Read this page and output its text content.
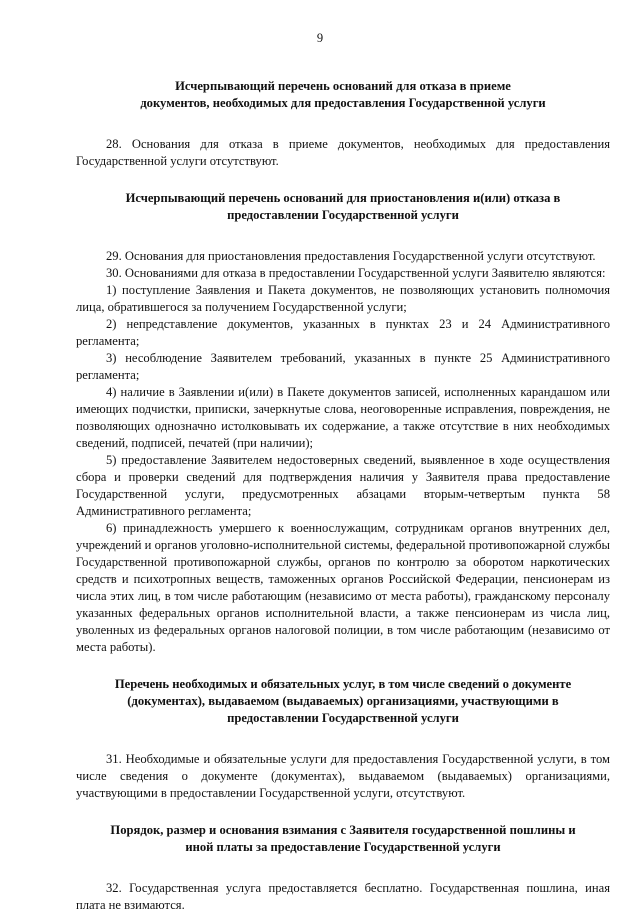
9
Исчерпывающий перечень оснований для отказа в приеме
документов, необходимых для предоставления Государственной услуги

28. Основания для отказа в приеме документов, необходимых для предоставления Государственной услуги отсутствуют.

Исчерпывающий перечень оснований для приостановления и(или) отказа в
предоставлении Государственной услуги

29. Основания для приостановления предоставления Государственной услуги отсутствуют.

30. Основаниями для отказа в предоставлении Государственной услуги Заявителю являются:

1) поступление Заявления и Пакета документов, не позволяющих установить полномочия лица, обратившегося за получением Государственной услуги;

2) непредставление документов, указанных в пунктах 23 и 24 Административного регламента;

3) несоблюдение Заявителем требований, указанных в пункте 25 Административного регламента;

4) наличие в Заявлении и(или) в Пакете документов записей, исполненных карандашом или имеющих подчистки, приписки, зачеркнутые слова, неоговоренные исправления, повреждения, не позволяющих однозначно истолковывать их содержание, а также отсутствие в них необходимых сведений, подписей, печатей (при наличии);

5) предоставление Заявителем недостоверных сведений, выявленное в ходе осуществления сбора и проверки сведений для подтверждения наличия у Заявителя права предоставление Государственной услуги, предусмотренных абзацами вторым-четвертым пункта 58 Административного регламента;

6) принадлежность умершего к военнослужащим, сотрудникам органов внутренних дел, учреждений и органов уголовно-исполнительной системы, федеральной противопожарной службы Государственной противопожарной службы, органов по контролю за оборотом наркотических средств и психотропных веществ, таможенных органов Российской Федерации, пенсионерам из числа этих лиц, в том числе работающим (независимо от места работы), гражданскому персоналу указанных федеральных органов исполнительной власти, а также пенсионерам из числа лиц, уволенных из федеральных органов налоговой полиции, в том числе работающим (независимо от места работы).

Перечень необходимых и обязательных услуг, в том числе сведений о документе
(документах), выдаваемом (выдаваемых) организациями, участвующими в
предоставлении Государственной услуги

31. Необходимые и обязательные услуги для предоставления Государственной услуги, в том числе сведения о документе (документах), выдаваемом (выдаваемых) организациями, участвующими в предоставлении Государственной услуги, отсутствуют.

Порядок, размер и основания взимания с Заявителя государственной пошлины и
иной платы за предоставление Государственной услуги

32. Государственная услуга предоставляется бесплатно. Государственная пошлина, иная плата не взимаются.
